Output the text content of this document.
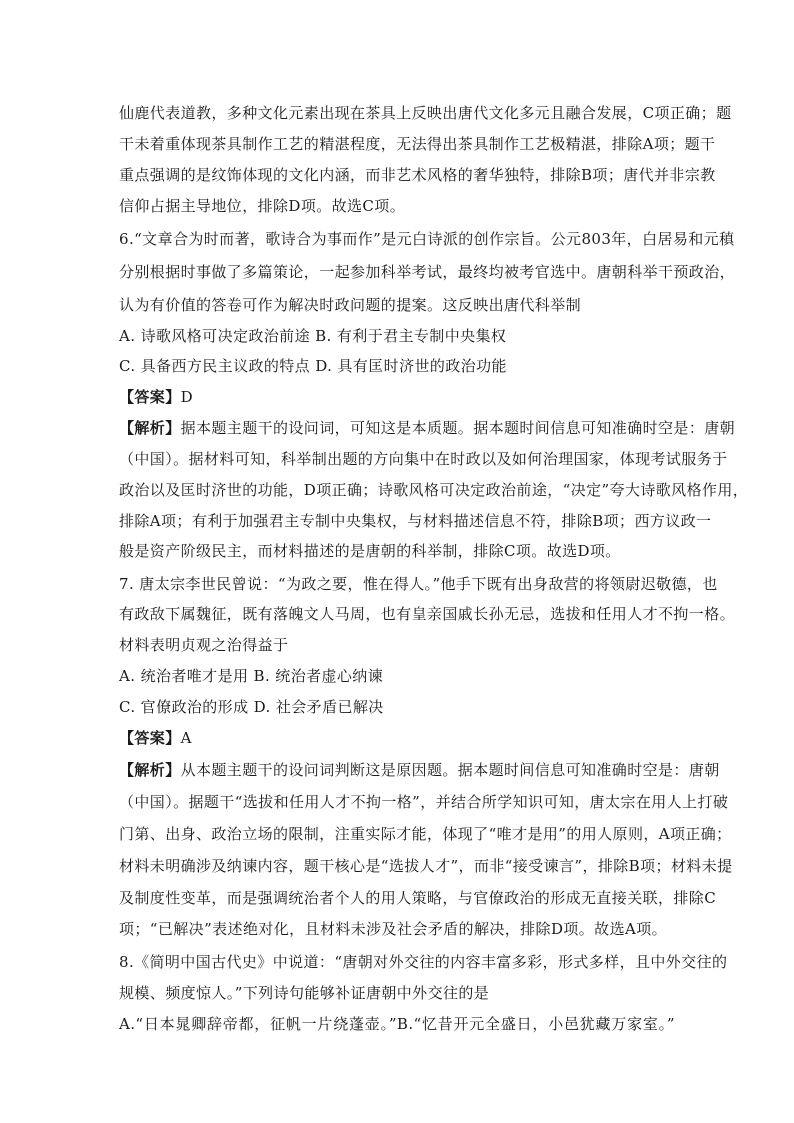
仙鹿代表道教，多种文化元素出现在茶具上反映出唐代文化多元且融合发展，C项正确；题
干未着重体现茶具制作工艺的精湛程度，无法得出茶具制作工艺极精湛，排除A项；题干
重点强调的是纹饰体现的文化内涵，而非艺术风格的奢华独特，排除B项；唐代并非宗教
信仰占据主导地位，排除D项。故选C项。
6.“文章合为时而著，歌诗合为事而作”是元白诗派的创作宗旨。公元803年，白居易和元稹
分别根据时事做了多篇策论，一起参加科举考试，最终均被考官选中。唐朝科举干预政治，
认为有价值的答卷可作为解决时政问题的提案。这反映出唐代科举制
A. 诗歌风格可决定政治前途 B. 有利于君主专制中央集权
C. 具备西方民主议政的特点 D. 具有匡时济世的政治功能
【答案】D
【解析】据本题主题干的设问词，可知这是本质题。据本题时间信息可知准确时空是：唐朝
（中国）。据材料可知，科举制出题的方向集中在时政以及如何治理国家，体现考试服务于
政治以及匡时济世的功能，D项正确；诗歌风格可决定政治前途，“决定”夸大诗歌风格作用，
排除A项；有利于加强君主专制中央集权，与材料描述信息不符，排除B项；西方议政一
般是资产阶级民主，而材料描述的是唐朝的科举制，排除C项。故选D项。
7. 唐太宗李世民曾说：“为政之要，惟在得人。”他手下既有出身敌营的将领尉迟敬德，也
有政敌下属魏征，既有落魄文人马周，也有皇亲国戚长孙无忌，选拔和任用人才不拘一格。
材料表明贞观之治得益于
A. 统治者唯才是用 B. 统治者虚心纳谏
C. 官僚政治的形成 D. 社会矛盾已解决
【答案】A
【解析】从本题主题干的设问词判断这是原因题。据本题时间信息可知准确时空是：唐朝
（中国）。据题干“选拔和任用人才不拘一格”，并结合所学知识可知，唐太宗在用人上打破
门第、出身、政治立场的限制，注重实际才能，体现了“唯才是用”的用人原则，A项正确；
材料未明确涉及纳谏内容，题干核心是“选拔人才”，而非“接受谏言”，排除B项；材料未提
及制度性变革，而是强调统治者个人的用人策略，与官僚政治的形成无直接关联，排除C
项；“已解决”表述绝对化，且材料未涉及社会矛盾的解决，排除D项。故选A项。
8.《简明中国古代史》中说道：“唐朝对外交往的内容丰富多彩，形式多样，且中外交往的
规模、频度惊人。”下列诗句能够补证唐朝中外交往的是
A.“日本晁卿辞帝都，征帆一片绕蓬壶。”B.“忆昔开元全盛日，小邑犹藏万家室。”
